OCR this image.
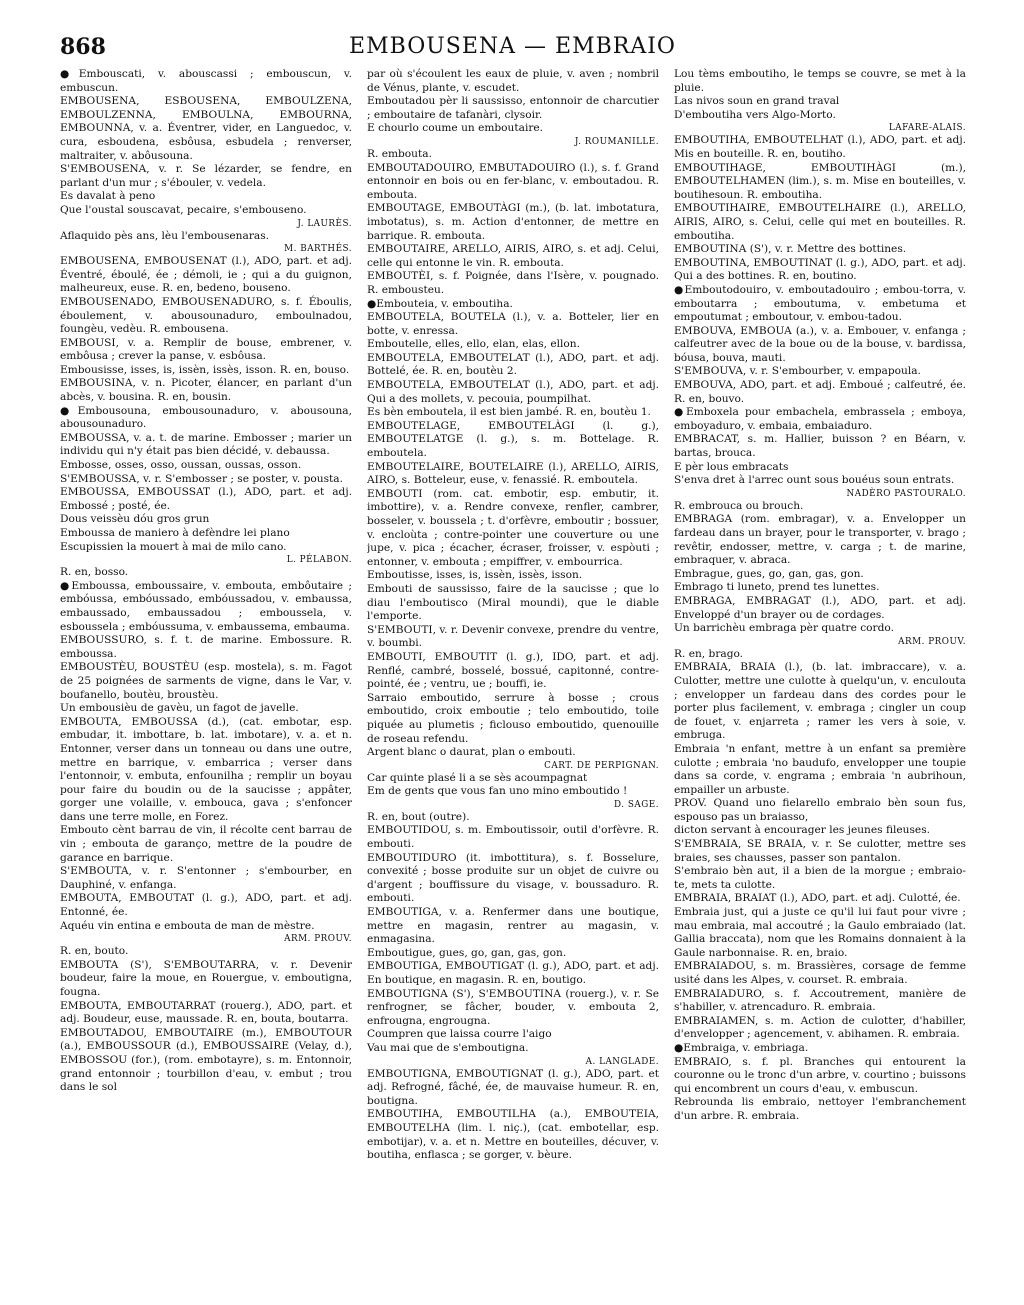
868	EMBOUSENA — EMBRAIO

●Embouscati, v. abouscassi ; embouscun, v. embuscun.

EMBOUSENA, ESBOUSENA, EMBOULZENA, EMBOULZENNA, EMBOULNA, EMBOURNA, EMBOUNNA, v. a. Éventrer, vider, en Languedoc, v. cura, esboudena, esbôusa, esbudela ; renverser, maltraiter, v. abôusouna.

S'EMBOUSENA, v. r. Se lézarder, se fendre, en parlant d'un mur ; s'ébouler, v. vedela.

Es davalat à peno

Que l'oustal souscavat, pecaire, s'embouseno.

J. LAURÈS.

Aflaquido pès ans, lèu l'embousenaras.

M. BARTHÉS.

EMBOUSENA, EMBOUSENAT (l.), ADO, part. et adj. Éventré, éboulé, ée ; démoli, ie ; qui a du guignon, malheureux, euse. R. en, bedeno, bouseno.

EMBOUSENADO, EMBOUSENADURO, s. f. Éboulis, éboulement, v. abousounaduro, emboulnadou, foungèu, vedèu. R. embousena.

EMBOUSI, v. a. Remplir de bouse, embrener, v. embôusa ; crever la panse, v. esbôusa.

Embousisse, isses, is, issèn, issès, isson. R. en, bouso.

EMBOUSINA, v. n. Picoter, élancer, en parlant d'un abcès, v. bousina. R. en, bousin.

●Embousouna, embousounaduro, v. abousouna, abousounaduro.

EMBOUSSA, v. a. t. de marine. Embosser ; marier un individu qui n'y était pas bien décidé, v. debaussa.

Embosse, osses, osso, oussan, oussas, osson.

S'EMBOUSSA, v. r. S'embosser ; se poster, v. pousta.

EMBOUSSA, EMBOUSSAT (l.), ADO, part. et adj. Embossé ; posté, ée.

Dous veissèu dóu gros grun

Emboussa de maniero à defèndre lei plano

Escupissien la mouert à mai de milo cano.

L. PÉLABON.

R. en, bosso.

●Emboussa, emboussaire, v. embouta, embôutaire ; embóussa, embóussado, embóussadou, v. embaussa, embaussado, embaussadou ; emboussela, v. esboussela ; embóussuma, v. embaussema, embauma.

EMBOUSSURO, s. f. t. de marine. Embossure. R. emboussa.

EMBOUSTÈU, BOUSTÈU (esp. mostela), s. m. Fagot de 25 poignées de sarments de vigne, dans le Var, v. boufanello, boutèu, broustèu.

Un embousièu de gavèu, un fagot de javelle.

EMBOUTA, EMBOUSSA (d.), (cat. embotar, esp. embudar, it. imbottare, b. lat. imbotare), v. a. et n. Entonner, verser dans un tonneau ou dans une outre, mettre en barrique, v. embarrica ; verser dans l'entonnoir, v. embuta, enfounilha ; remplir un boyau pour faire du boudin ou de la saucisse ; appâter, gorger une volaille, v. embouca, gava ; s'enfoncer dans une terre molle, en Forez.

Embouto cènt barrau de vin, il récolte cent barrau de vin ; embouta de garanço, mettre de la poudre de garance en barrique.

S'EMBOUTA, v. r. S'entonner ; s'embourber, en Dauphiné, v. enfanga.

EMBOUTA, EMBOUTAT (l. g.), ADO, part. et adj. Entonné, ée.

Aquéu vin entina e embouta de man de mèstre.

ARM. PROUV.

R. en, bouto.

EMBOUTA (S'), S'EMBOUTARRA, v. r. Devenir boudeur, faire la moue, en Rouergue, v. emboutigna, fougna.

EMBOUTA, EMBOUTARRAT (rouerg.), ADO, part. et adj. Boudeur, euse, maussade. R. en, bouta, boutarra.

EMBOUTADOU, EMBOUTAIRE (m.), EMBOUTOUR (a.), EMBOUSSOUR (d.), EMBOUSSAIRE (Velay, d.), EMBOSSOU (for.), (rom. embotayre), s. m. Entonnoir, grand entonnoir ; tourbillon d'eau, v. embut ; trou dans le sol

par où s'écoulent les eaux de pluie, v. aven ; nombril de Vénus, plante, v. escudet.

Emboutadou pèr li saussisso, entonnoir de charcutier ; emboutaire de tafanàri, clysoir.

E chourlo coume un emboutaire.

J. ROUMANILLE.

R. embouta.

EMBOUTADOUIRO, EMBUTADOUIRO (l.), s. f. Grand entonnoir en bois ou en fer-blanc, v. emboutadou. R. embouta.

EMBOUTAGE, EMBOUTÀGI (m.), (b. lat. imbotatura, imbotatus), s. m. Action d'entonner, de mettre en barrique. R. embouta.

EMBOUTAIRE, ARELLO, AIRIS, AIRO, s. et adj. Celui, celle qui entonne le vin. R. embouta.

EMBOUTÈI, s. f. Poignée, dans l'Isère, v. pougnado. R. embousteu.

●Embouteia, v. emboutiha.

EMBOUTELA, BOUTELA (l.), v. a. Botteler, lier en botte, v. enressa.

Emboutelle, elles, ello, elan, elas, ellon.

EMBOUTELA, EMBOUTELAT (l.), ADO, part. et adj. Bottelé, ée. R. en, boutèu 2.

EMBOUTELA, EMBOUTELAT (l.), ADO, part. et adj. Qui a des mollets, v. pecouia, poumpilhat.

Es bèn emboutela, il est bien jambé. R. en, boutèu 1.

EMBOUTELAGE, EMBOUTELÀGI (l. g.), EMBOUTELATGE (l. g.), s. m. Bottelage. R. emboutela.

EMBOUTELAIRE, BOUTELAIRE (l.), ARELLO, AIRIS, AIRO, s. Botteleur, euse, v. fenassié. R. emboutela.

EMBOUTI (rom. cat. embotir, esp. embutir, it. imbottire), v. a. Rendre convexe, renfler, cambrer, bosseler, v. boussela ; t. d'orfèvre, emboutir ; bossuer, v. encloùta ; contre-pointer une couverture ou une jupe, v. pica ; écacher, écraser, froisser, v. espòuti ; entonner, v. embouta ; empiffrer, v. embourrica.

Emboutisse, isses, is, issèn, issès, isson.

Embouti de saussisso, faire de la saucisse ; que lo diau l'emboutisco (Miral moundi), que le diable l'emporte.

S'EMBOUTI, v. r. Devenir convexe, prendre du ventre, v. boumbi.

EMBOUTI, EMBOUTIT (l. g.), IDO, part. et adj. Renflé, cambré, bosselé, bossué, capitonné, contre-pointé, ée ; ventru, ue ; bouffi, ie.

Sarraio emboutido, serrure à bosse ; crous emboutido, croix emboutie ; telo emboutido, toile piquée au plumetis ; ficlouso emboutido, quenouille de roseau refendu.

Argent blanc o daurat, plan o embouti.

CART. DE PERPIGNAN.

Car quinte plasé li a se sès acoumpagnat

Em de gents que vous fan uno mino emboutido !

D. SAGE.

R. en, bout (outre).

EMBOUTIDOU, s. m. Emboutissoir, outil d'orfèvre. R. embouti.

EMBOUTIDURO (it. imbottitura), s. f. Bosselure, convexité ; bosse produite sur un objet de cuivre ou d'argent ; bouffissure du visage, v. boussaduro. R. embouti.

EMBOUTIGA, v. a. Renfermer dans une boutique, mettre en magasin, rentrer au magasin, v. enmagasina.

Emboutigue, gues, go, gan, gas, gon.

EMBOUTIGA, EMBOUTIGAT (l. g.), ADO, part. et adj. En boutique, en magasin. R. en, boutigo.

EMBOUTIGNA (S'), S'EMBOUTINA (rouerg.), v. r. Se renfrogner, se fâcher, bouder, v. embouta 2, enfrougna, engrougna.

Coumpren que laissa courre l'aigo

Vau mai que de s'emboutigna.

A. LANGLADE.

EMBOUTIGNA, EMBOUTIGNAT (l. g.), ADO, part. et adj. Refrogné, fâché, ée, de mauvaise humeur. R. en, boutigna.

EMBOUTIHA, EMBOUTILHA (a.), EMBOUTEIA, EMBOUTELHA (lim. l. niç.), (cat. embotellar, esp. embotijar), v. a. et n. Mettre en bouteilles, décuver, v. boutiha, enflasca ; se gorger, v. bèure.

Lou tèms emboutiho, le temps se couvre, se met à la pluie.

Las nivos soun en grand traval

D'emboutiha vers Algo-Morto.

LAFARE-ALAIS.

EMBOUTIHA, EMBOUTELHAT (l.), ADO, part. et adj. Mis en bouteille. R. en, boutiho.

EMBOUTIHAGE, EMBOUTIHÀGI (m.), EMBOUTELHAMEN (lim.), s. m. Mise en bouteilles, v. boutihesoun. R. emboutiha.

EMBOUTIHAIRE, EMBOUTELHAIRE (l.), ARELLO, AIRIS, AIRO, s. Celui, celle qui met en bouteilles. R. emboutiha.

EMBOUTINA (S'), v. r. Mettre des bottines.

EMBOUTINA, EMBOUTINAT (l. g.), ADO, part. et adj. Qui a des bottines. R. en, boutino.

●Emboutodouiro, v. emboutadouiro ; embou-torra, v. emboutarra ; emboutuma, v. embetuma et empoutumat ; emboutour, v. embou-tadou.

EMBOUVA, EMBOUA (a.), v. a. Embouer, v. enfanga ; calfeutrer avec de la boue ou de la bouse, v. bardissa, bóusa, bouva, mauti.

S'EMBOUVA, v. r. S'embourber, v. empapoula.

EMBOUVA, ADO, part. et adj. Emboué ; calfeutré, ée. R. en, bouvo.

●Emboxela pour embachela, embrassela ; emboya, emboyaduro, v. embaia, embaiaduro.

EMBRACAT, s. m. Hallier, buisson ? en Béarn, v. bartas, brouca.

E pèr lous embracats

S'enva dret à l'arrec ount sous bouéus soun entrats.

NADÈRO PASTOURALO.

R. embrouca ou brouch.

EMBRAGA (rom. embragar), v. a. Envelopper un fardeau dans un brayer, pour le transporter, v. brago ; revêtir, endosser, mettre, v. carga ; t. de marine, embraquer, v. abraca.

Embrague, gues, go, gan, gas, gon.

Embrago ti luneto, prend tes lunettes.

EMBRAGA, EMBRAGAT (l.), ADO, part. et adj. Enveloppé d'un brayer ou de cordages.

Un barrichèu embraga pèr quatre cordo.

ARM. PROUV.

R. en, brago.

EMBRAIA, BRAIA (l.), (b. lat. imbraccare), v. a. Culotter, mettre une culotte à quelqu'un, v. enculouta ; envelopper un fardeau dans des cordes pour le porter plus facilement, v. embraga ; cingler un coup de fouet, v. enjarreta ; ramer les vers à soie, v. embruga.

Embraia 'n enfant, mettre à un enfant sa première culotte ; embraia 'no baudufo, envelopper une toupie dans sa corde, v. engrama ; embraia 'n aubrihoun, empailler un arbuste.

PROV. Quand uno fielarello embraio bèn soun fus, espouso pas un braiasso,

dicton servant à encourager les jeunes fileuses.

S'EMBRAIA, SE BRAIA, v. r. Se culotter, mettre ses braies, ses chausses, passer son pantalon.

S'embraio bèn aut, il a bien de la morgue ; embraio-te, mets ta culotte.

EMBRAIA, BRAIAT (l.), ADO, part. et adj. Culotté, ée.

Embraia just, qui a juste ce qu'il lui faut pour vivre ; mau embraia, mal accoutré ; la Gaulo embraiado (lat. Gallia braccata), nom que les Romains donnaient à la Gaule narbonnaise. R. en, braio.

EMBRAIADOU, s. m. Brassières, corsage de femme usité dans les Alpes, v. courset. R. embraia.

EMBRAIADURO, s. f. Accoutrement, manière de s'habiller, v. atrencaduro. R. embraia.

EMBRAIAMEN, s. m. Action de culotter, d'habiller, d'envelopper ; agencement, v. abihamen. R. embraia.

●Embraiga, v. embriaga.

EMBRAIO, s. f. pl. Branches qui entourent la couronne ou le tronc d'un arbre, v. courtino ; buissons qui encombrent un cours d'eau, v. embuscun.

Rebrounda lis embraio, nettoyer l'embranchement d'un arbre. R. embraia.
